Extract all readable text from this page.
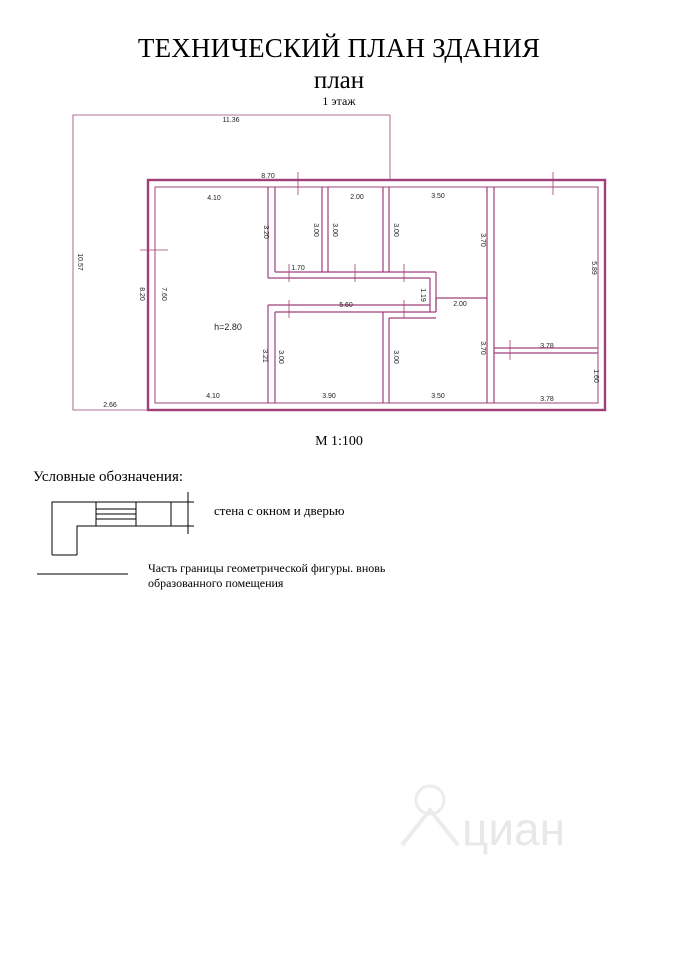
ТЕХНИЧЕСКИЙ ПЛАН ЗДАНИЯ
план
1 этаж
11.36
10.57
2.66
8.70
4.10
3.20
8.20 7.60
4.10
3.21
h=2.80
3.00
1.70
2.00
3.00
3.50
3.00
3.70
5.60
1.19
2.00
3.70
3.00
3.50
3.00
3.90
5.89
3.78
1.60
3.78
циан
М 1:100
Условные обозначения:
стена с окном и дверью
Часть границы геометрической фигуры. вновь образованного помещения
